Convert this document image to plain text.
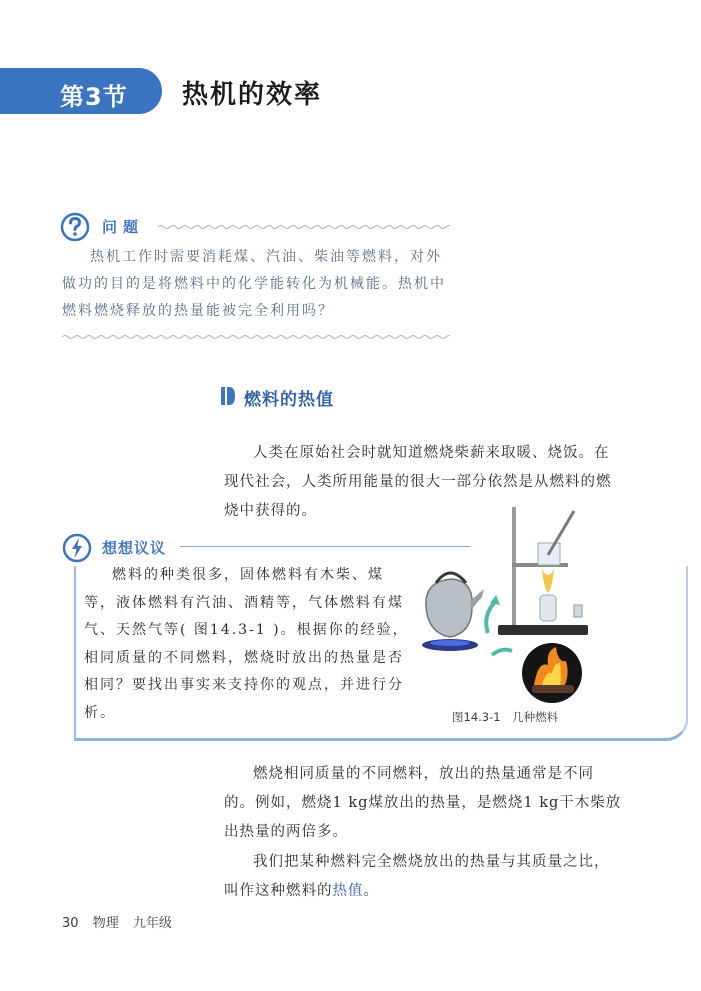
第3节 热机的效率
问题

热机工作时需要消耗煤、汽油、柴油等燃料，对外做功的目的是将燃料中的化学能转化为机械能。热机中燃料燃烧释放的热量能被完全利用吗？

燃料的热值

人类在原始社会时就知道燃烧柴薪来取暖、烧饭。在现代社会，人类所用能量的很大一部分依然是从燃料的燃烧中获得的。

想想议议

燃料的种类很多，固体燃料有木柴、煤等，液体燃料有汽油、酒精等，气体燃料有煤气、天然气等( 图14.3-1 )。根据你的经验，相同质量的不同燃料，燃烧时放出的热量是否相同？要找出事实来支持你的观点，并进行分析。	图14.3-1　几种燃料

燃烧相同质量的不同燃料，放出的热量通常是不同的。例如，燃烧1 kg煤放出的热量，是燃烧1 kg干木柴放出热量的两倍多。

我们把某种燃料完全燃烧放出的热量与其质量之比，叫作这种燃料的热值。

30 物理 九年级
